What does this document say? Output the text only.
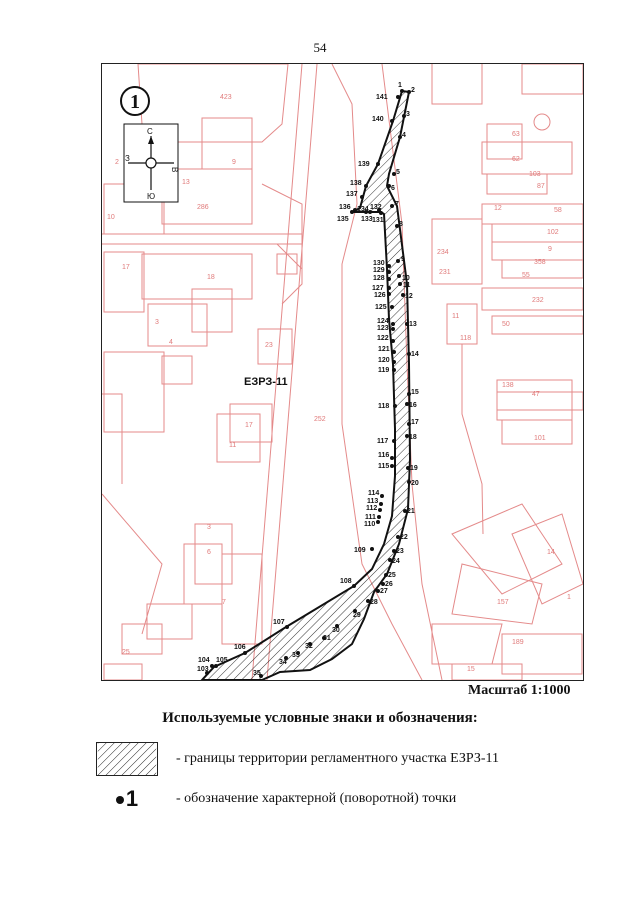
54
423
9
13
286
10
2
17
18
4
3
23
252
17
11
3
6
7
25
234
231
11
118
63
62
103
87
12	58
102
9
358
55
232
50
138
47
101
14
157
1
189
15
ЕЗРЗ-11
1
2
3
4
5
6
7
8
9
10
11
12
13
14
15
16
17
18
19
20
21
22
23
24
25
26
27
28
29
30
31
32
33
34
35
103
104 105
106
107
108
109
110
111
112
113
114
115
116
117
118
119
120
121
122
123
124
125
126
127
128
129
130
131
132
133
134
135
136
137
138
139
140
141
1
С
Ю
З
В
Масштаб 1:1000
Используемые условные знаки и обозначения:
- границы территории регламентного участка ЕЗРЗ-11
1	- обозначение характерной (поворотной) точки
